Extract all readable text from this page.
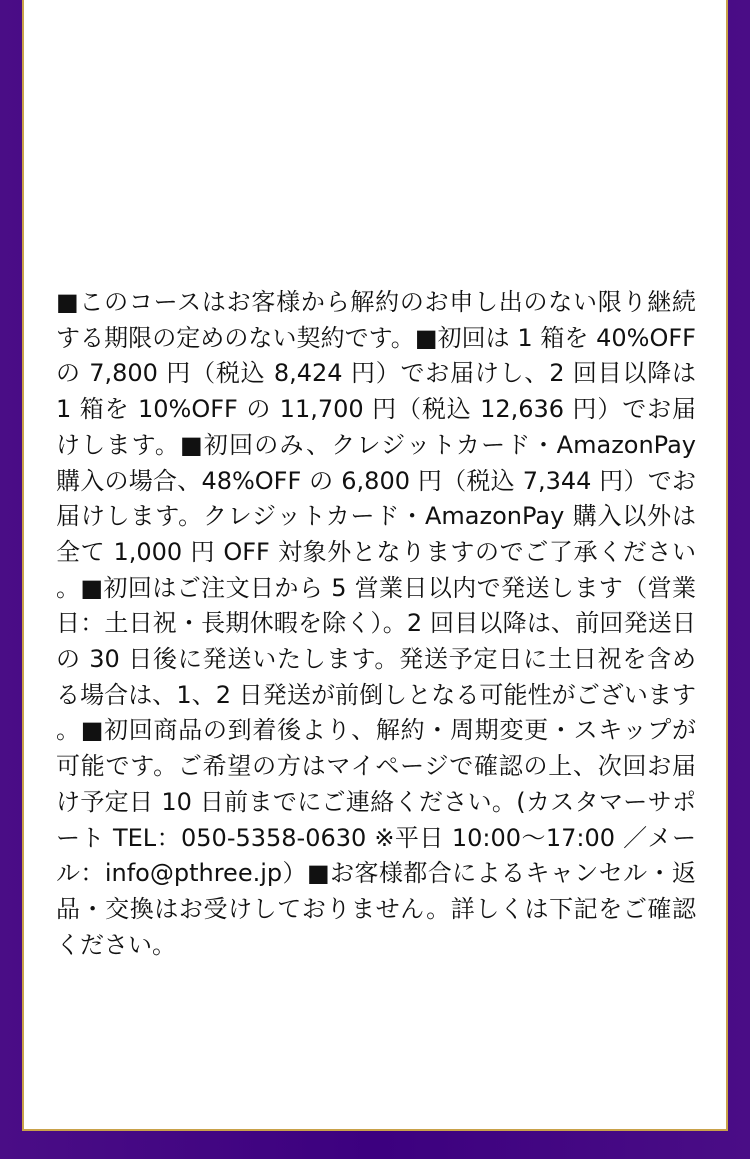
■このコースはお客様から解約のお申し出のない限り継続する期限の定めのない契約です。■初回は 1 箱を 40%OFF の 7,800 円（税込 8,424 円）でお届けし、2 回目以降は 1 箱を 10%OFF の 11,700 円（税込 12,636 円）でお届けします。■初回のみ、クレジットカード・AmazonPay 購入の場合、48%OFF の 6,800 円（税込 7,344 円）でお届けします。クレジットカード・AmazonPay 購入以外は全て 1,000 円 OFF 対象外となりますのでご了承ください。■初回はご注文日から 5 営業日以内で発送します（営業日：土日祝・長期休暇を除く）。2 回目以降は、前回発送日の 30 日後に発送いたします。発送予定日に土日祝を含める場合は、1、2 日発送が前倒しとなる可能性がございます。■初回商品の到着後より、解約・周期変更・スキップが可能です。ご希望の方はマイページで確認の上、次回お届け予定日 10 日前までにご連絡ください。(カスタマーサポート TEL：050-5358-0630 ※平日 10:00〜17:00 ／メール：info@pthree.jp）■お客様都合によるキャンセル・返品・交換はお受けしておりません。詳しくは下記をご確認ください。
